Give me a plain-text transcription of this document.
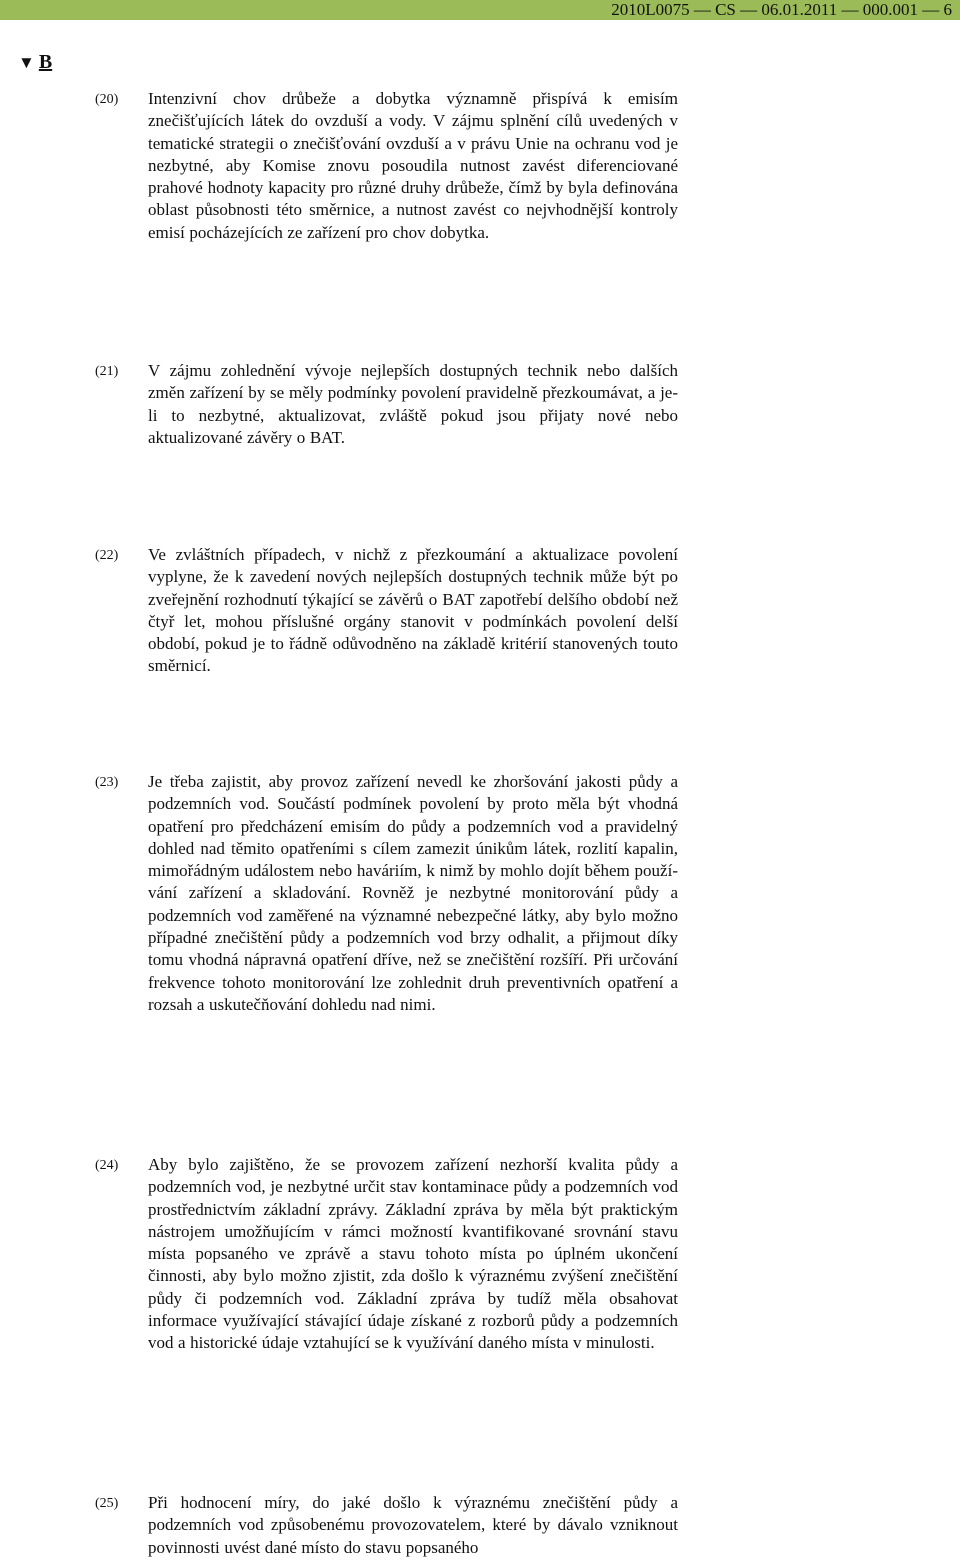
2010L0075 — CS — 06.01.2011 — 000.001 — 6
▼ B
(20) Intenzivní chov drůbeže a dobytka významně přispívá k emisím znečišťujících látek do ovzduší a vody. V zájmu splnění cílů uvedených v tematické strategii o znečišťování ovzduší a v právu Unie na ochranu vod je nezbytné, aby Komise znovu posoudila nutnost zavést diferenciované prahové hodnoty kapacity pro různé druhy drůbeže, čímž by byla definována oblast působnosti této směrnice, a nutnost zavést co nejvhodnější kontroly emisí pocházejících ze zařízení pro chov dobytka.
(21) V zájmu zohlednění vývoje nejlepších dostupných technik nebo dalších změn zařízení by se měly podmínky povolení pravidelně přezkoumávat, a je-li to nezbytné, aktualizovat, zvláště pokud jsou přijaty nové nebo aktualizované závěry o BAT.
(22) Ve zvláštních případech, v nichž z přezkoumání a aktualizace povolení vyplyne, že k zavedení nových nejlepších dostupných technik může být po zveřejnění rozhodnutí týkající se závěrů o BAT zapotřebí delšího období než čtyř let, mohou příslušné orgány stanovit v podmínkách povolení delší období, pokud je to řádně odůvodněno na základě kritérií stanovených touto směrnicí.
(23) Je třeba zajistit, aby provoz zařízení nevedl ke zhoršování jakosti půdy a podzemních vod. Součástí podmínek povolení by proto měla být vhodná opatření pro předcházení emisím do půdy a podzemních vod a pravidelný dohled nad těmito opatřeními s cílem zamezit únikům látek, rozlití kapalin, mimořádným událostem nebo haváriím, k nimž by mohlo dojít během používání zařízení a skladování. Rovněž je nezbytné monitorování půdy a podzemních vod zaměřené na významné nebezpečné látky, aby bylo možno případné znečištění půdy a podzemních vod brzy odhalit, a přijmout díky tomu vhodná nápravná opatření dříve, než se znečištění rozšíří. Při určování frekvence tohoto monitorování lze zohlednit druh preventivních opatření a rozsah a uskutečňování dohledu nad nimi.
(24) Aby bylo zajištěno, že se provozem zařízení nezhorší kvalita půdy a podzemních vod, je nezbytné určit stav kontaminace půdy a podzemních vod prostřednictvím základní zprávy. Základní zpráva by měla být praktickým nástrojem umožňujícím v rámci možností kvantifikované srovnání stavu místa popsaného ve zprávě a stavu tohoto místa po úplném ukončení činnosti, aby bylo možno zjistit, zda došlo k výraznému zvýšení znečištění půdy či podzemních vod. Základní zpráva by tudíž měla obsahovat informace využívající stávající údaje získané z rozborů půdy a podzemních vod a historické údaje vztahující se k využívání daného místa v minulosti.
(25) Při hodnocení míry, do jaké došlo k výraznému znečištění půdy a podzemních vod způsobenému provozovatelem, které by dávalo vzniknout povinnosti uvést dané místo do stavu popsaného
